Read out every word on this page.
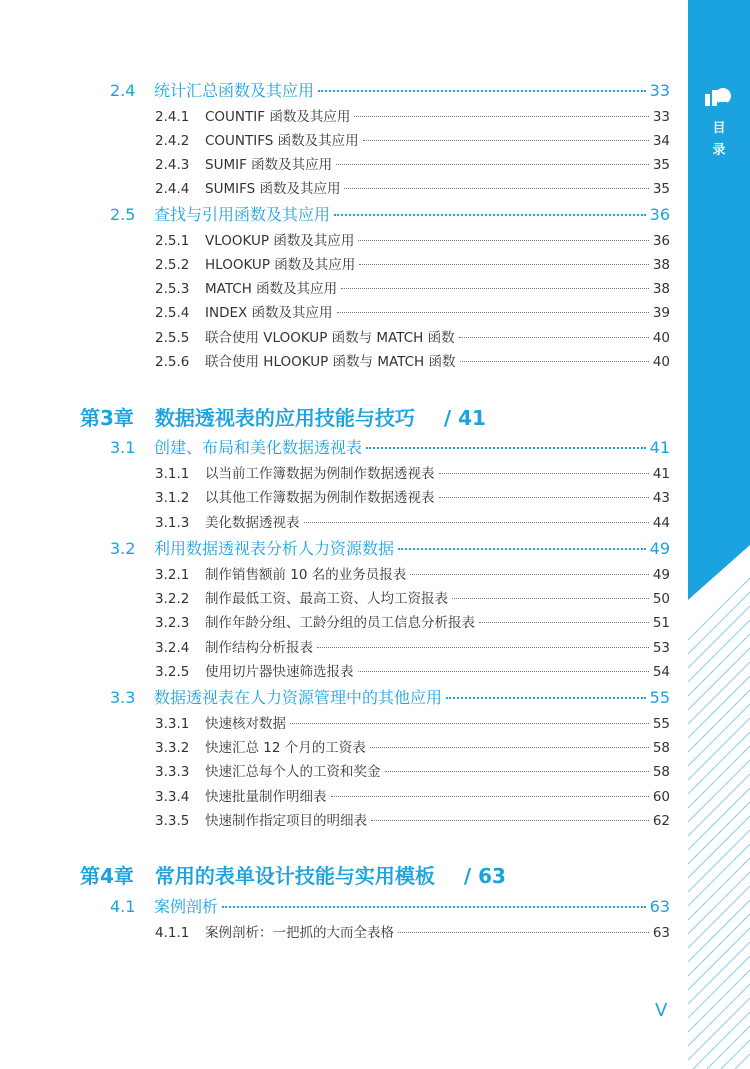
目
录
2.4	统计汇总函数及其应用	33
2.4.1	COUNTIF 函数及其应用	33
2.4.2	COUNTIFS 函数及其应用	34
2.4.3	SUMIF 函数及其应用	35
2.4.4	SUMIFS 函数及其应用	35
2.5	查找与引用函数及其应用	36
2.5.1	VLOOKUP 函数及其应用	36
2.5.2	HLOOKUP 函数及其应用	38
2.5.3	MATCH 函数及其应用	38
2.5.4	INDEX 函数及其应用	39
2.5.5	联合使用 VLOOKUP 函数与 MATCH 函数	40
2.5.6	联合使用 HLOOKUP 函数与 MATCH 函数	40
第3章 数据透视表的应用技能与技巧 / 41
3.1	创建、布局和美化数据透视表	41
3.1.1	以当前工作簿数据为例制作数据透视表	41
3.1.2	以其他工作簿数据为例制作数据透视表	43
3.1.3	美化数据透视表	44
3.2	利用数据透视表分析人力资源数据	49
3.2.1	制作销售额前 10 名的业务员报表	49
3.2.2	制作最低工资、最高工资、人均工资报表	50
3.2.3	制作年龄分组、工龄分组的员工信息分析报表	51
3.2.4	制作结构分析报表	53
3.2.5	使用切片器快速筛选报表	54
3.3	数据透视表在人力资源管理中的其他应用	55
3.3.1	快速核对数据	55
3.3.2	快速汇总 12 个月的工资表	58
3.3.3	快速汇总每个人的工资和奖金	58
3.3.4	快速批量制作明细表	60
3.3.5	快速制作指定项目的明细表	62
第4章 常用的表单设计技能与实用模板 / 63
4.1	案例剖析	63
4.1.1	案例剖析：一把抓的大而全表格	63
V
